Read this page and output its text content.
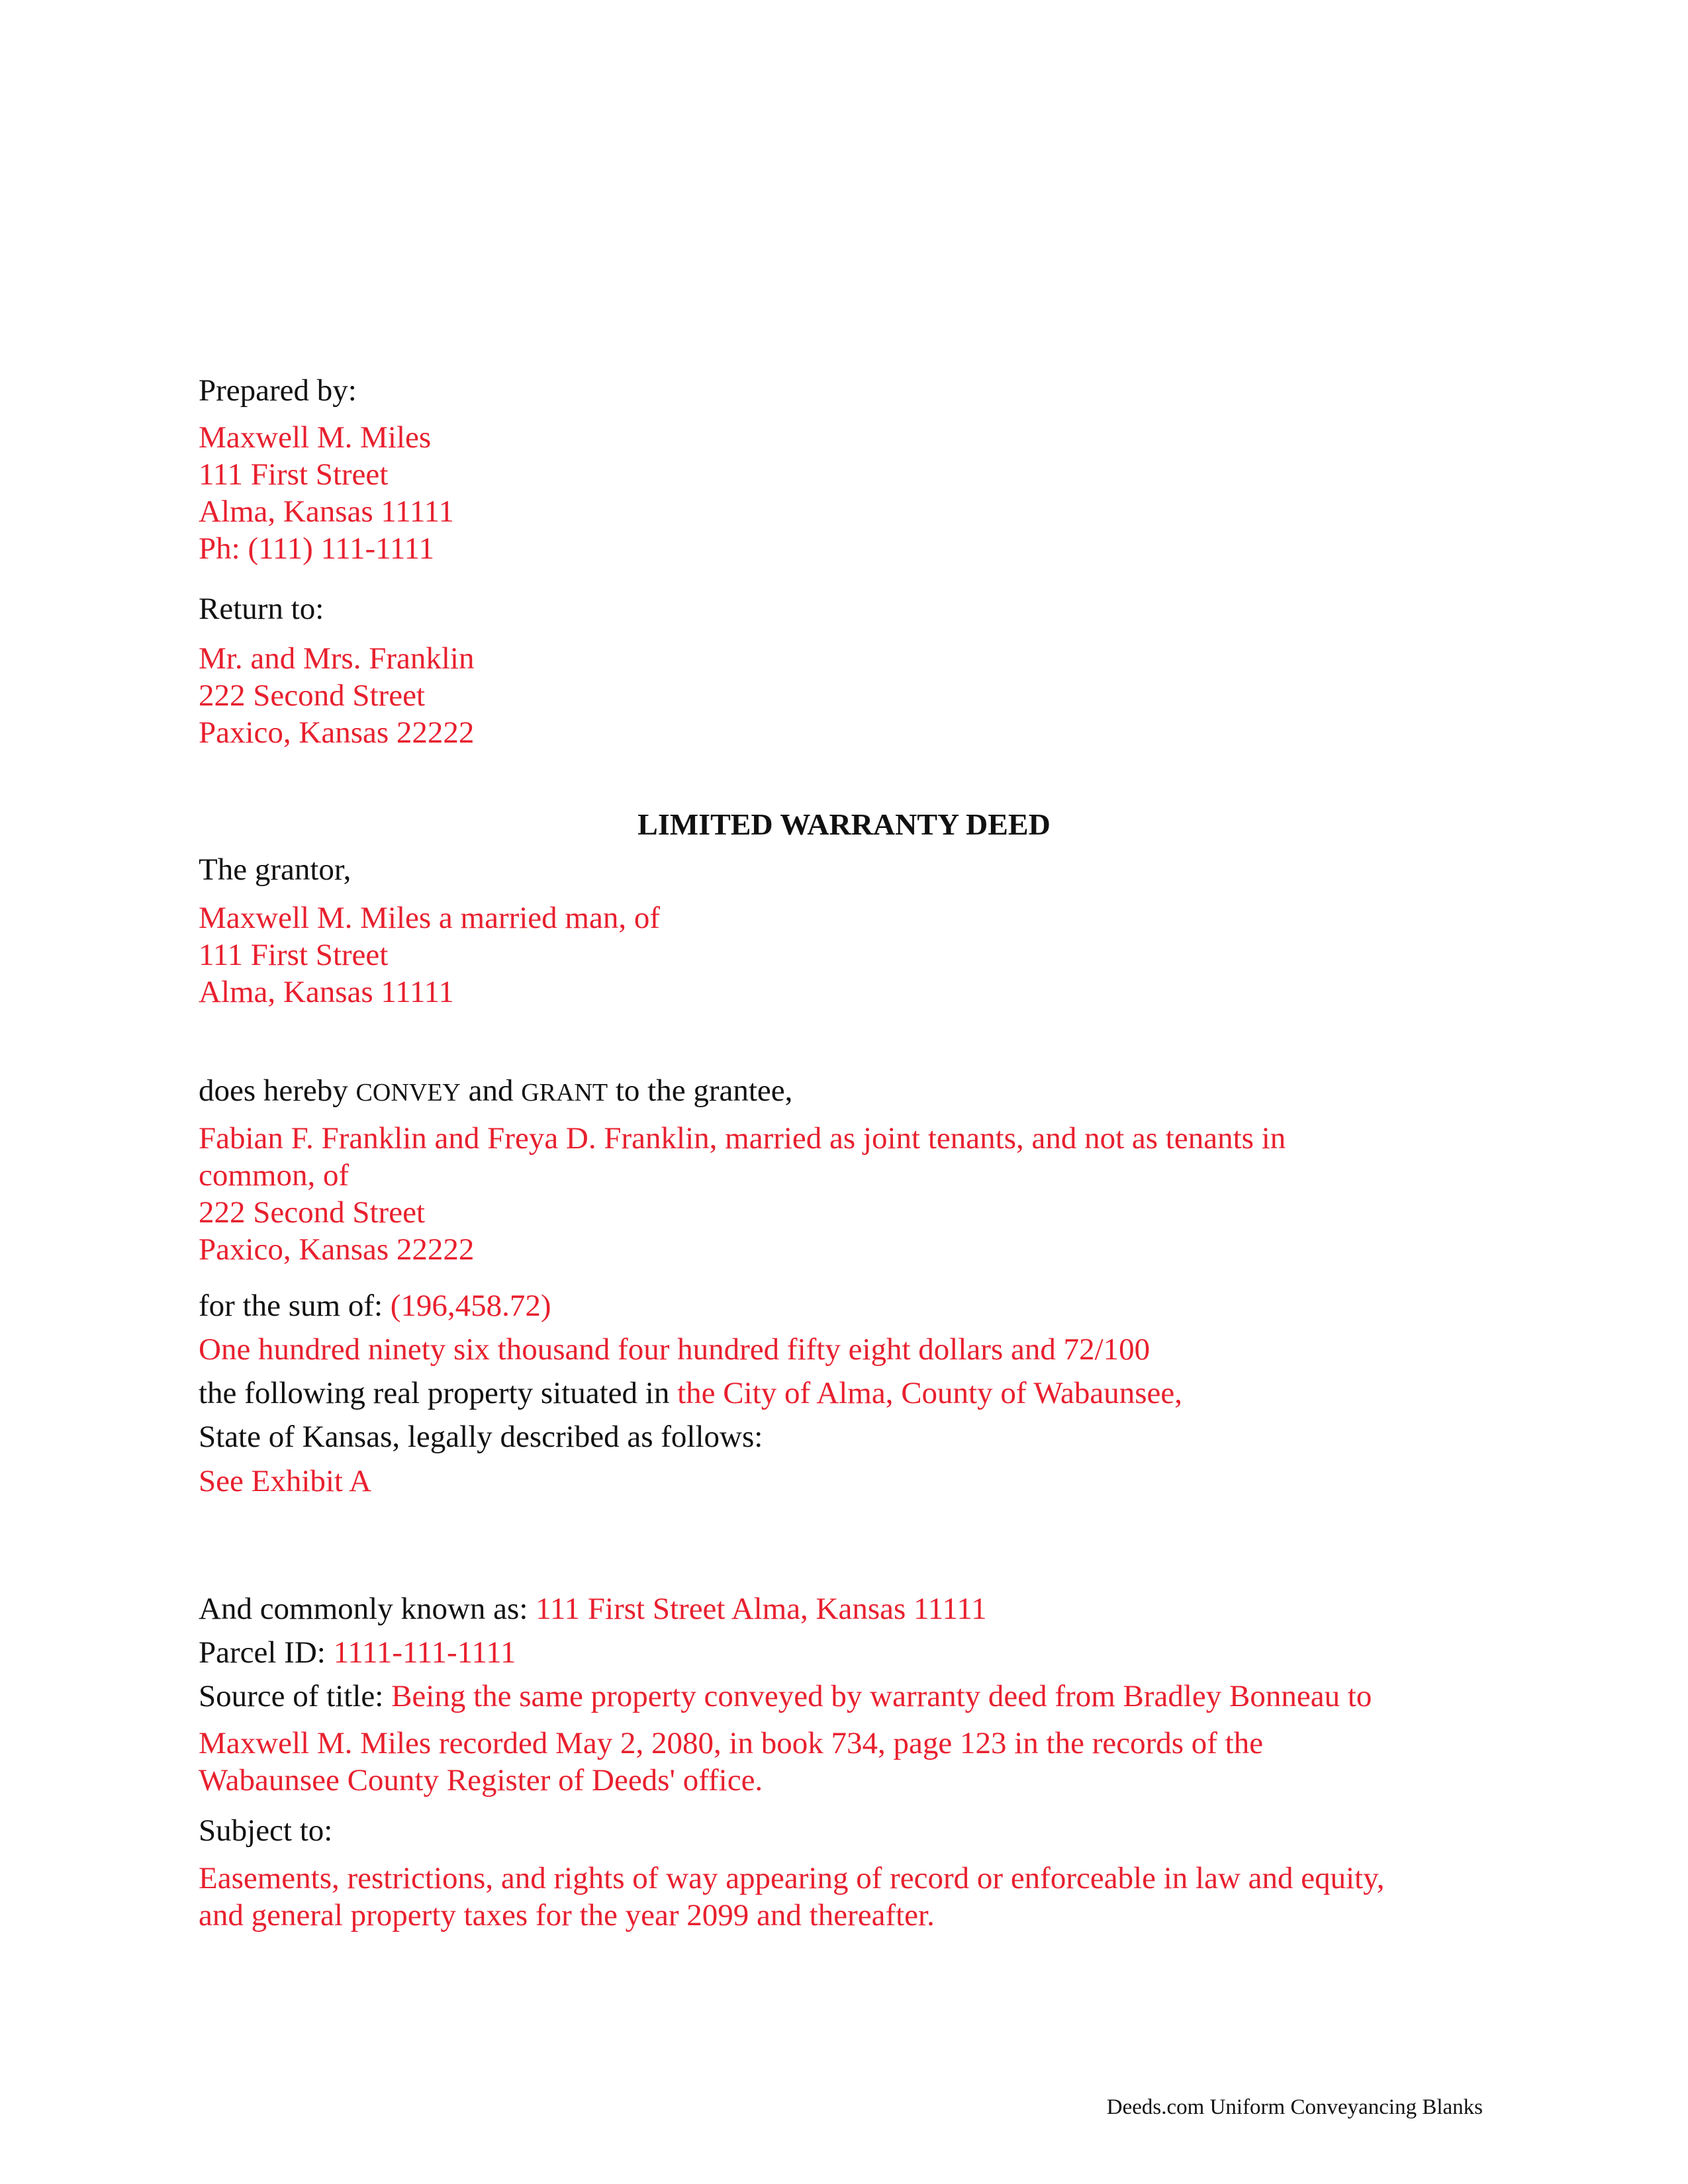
Prepared by:
Maxwell M. Miles
111 First Street
Alma, Kansas 11111
Ph: (111) 111-1111
Return to:
Mr. and Mrs. Franklin
222 Second Street
Paxico, Kansas 22222
LIMITED WARRANTY DEED
The grantor,
Maxwell M. Miles a married man, of
111 First Street
Alma, Kansas 11111
does hereby CONVEY and GRANT to the grantee,
Fabian F. Franklin and Freya D. Franklin, married as joint tenants, and not as tenants in
common, of
222 Second Street
Paxico, Kansas 22222
for the sum of: (196,458.72)
One hundred ninety six thousand four hundred fifty eight dollars and 72/100
the following real property situated in the City of Alma, County of Wabaunsee,
State of Kansas, legally described as follows:
See Exhibit A
And commonly known as: 111 First Street Alma, Kansas 11111
Parcel ID: 1111-111-1111
Source of title: Being the same property conveyed by warranty deed from Bradley Bonneau to
Maxwell M. Miles recorded May 2, 2080, in book 734, page 123 in the records of the
Wabaunsee County Register of Deeds' office.
Subject to:
Easements, restrictions, and rights of way appearing of record or enforceable in law and equity,
and general property taxes for the year 2099 and thereafter.
Deeds.com Uniform Conveyancing Blanks
